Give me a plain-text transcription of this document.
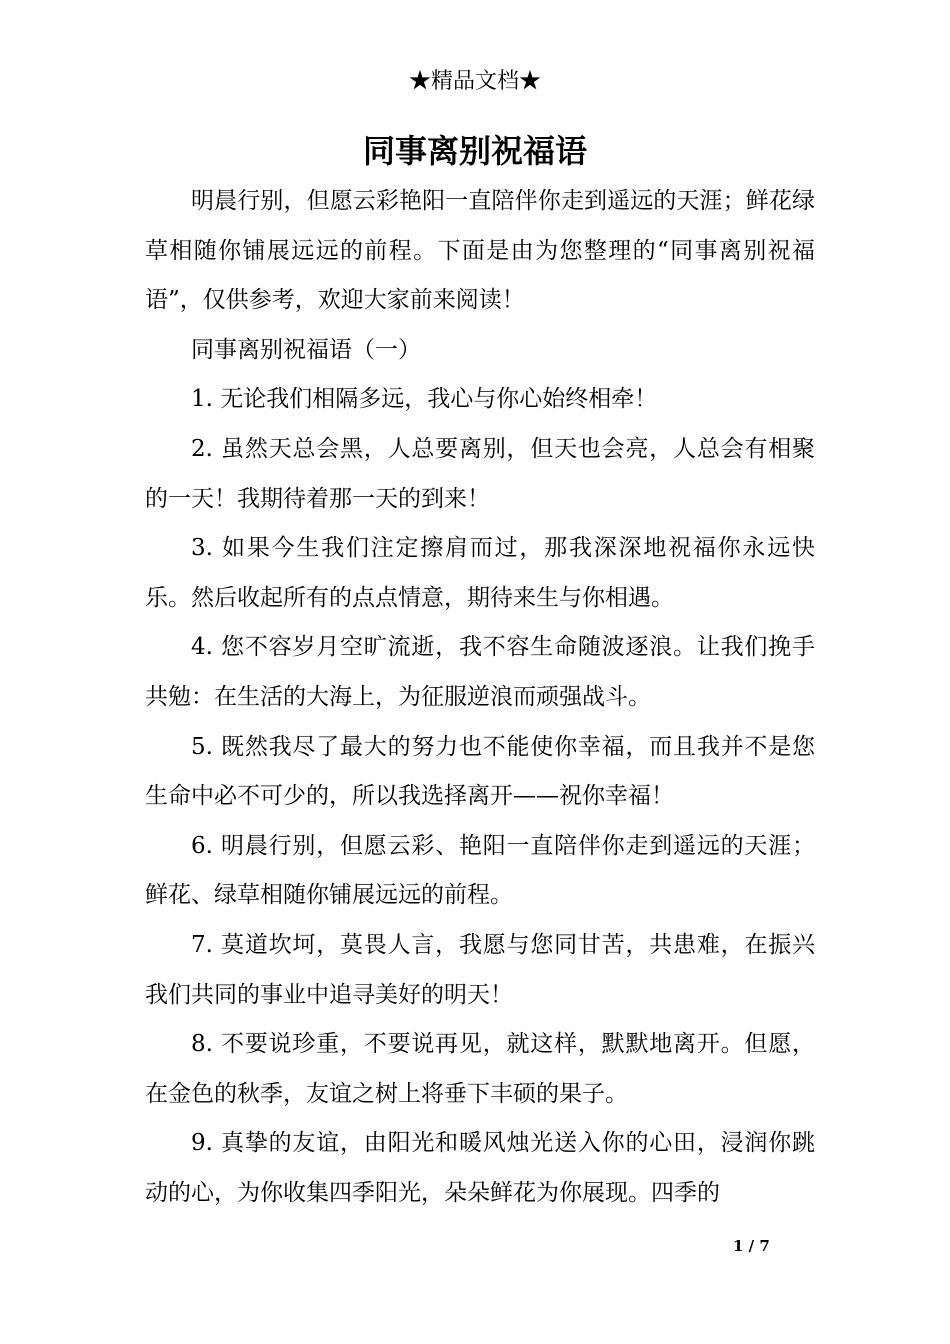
★精品文档★
同事离别祝福语

明晨行别，但愿云彩艳阳一直陪伴你走到遥远的天涯；鲜花绿草相随你铺展远远的前程。下面是由为您整理的“同事离别祝福语”，仅供参考，欢迎大家前来阅读！

同事离别祝福语（一）

1. 无论我们相隔多远，我心与你心始终相牵！

2. 虽然天总会黑，人总要离别，但天也会亮，人总会有相聚的一天！我期待着那一天的到来！

3. 如果今生我们注定擦肩而过，那我深深地祝福你永远快乐。然后收起所有的点点情意，期待来生与你相遇。

4. 您不容岁月空旷流逝，我不容生命随波逐浪。让我们挽手共勉：在生活的大海上，为征服逆浪而顽强战斗。

5. 既然我尽了最大的努力也不能使你幸福，而且我并不是您生命中必不可少的，所以我选择离开——祝你幸福！

6. 明晨行别，但愿云彩、艳阳一直陪伴你走到遥远的天涯；鲜花、绿草相随你铺展远远的前程。

7. 莫道坎坷，莫畏人言，我愿与您同甘苦，共患难，在振兴我们共同的事业中追寻美好的明天！

8. 不要说珍重，不要说再见，就这样，默默地离开。但愿，在金色的秋季，友谊之树上将垂下丰硕的果子。

9. 真挚的友谊，由阳光和暖风烛光送入你的心田，浸润你跳动的心，为你收集四季阳光，朵朵鲜花为你展现。四季的

1 / 7
